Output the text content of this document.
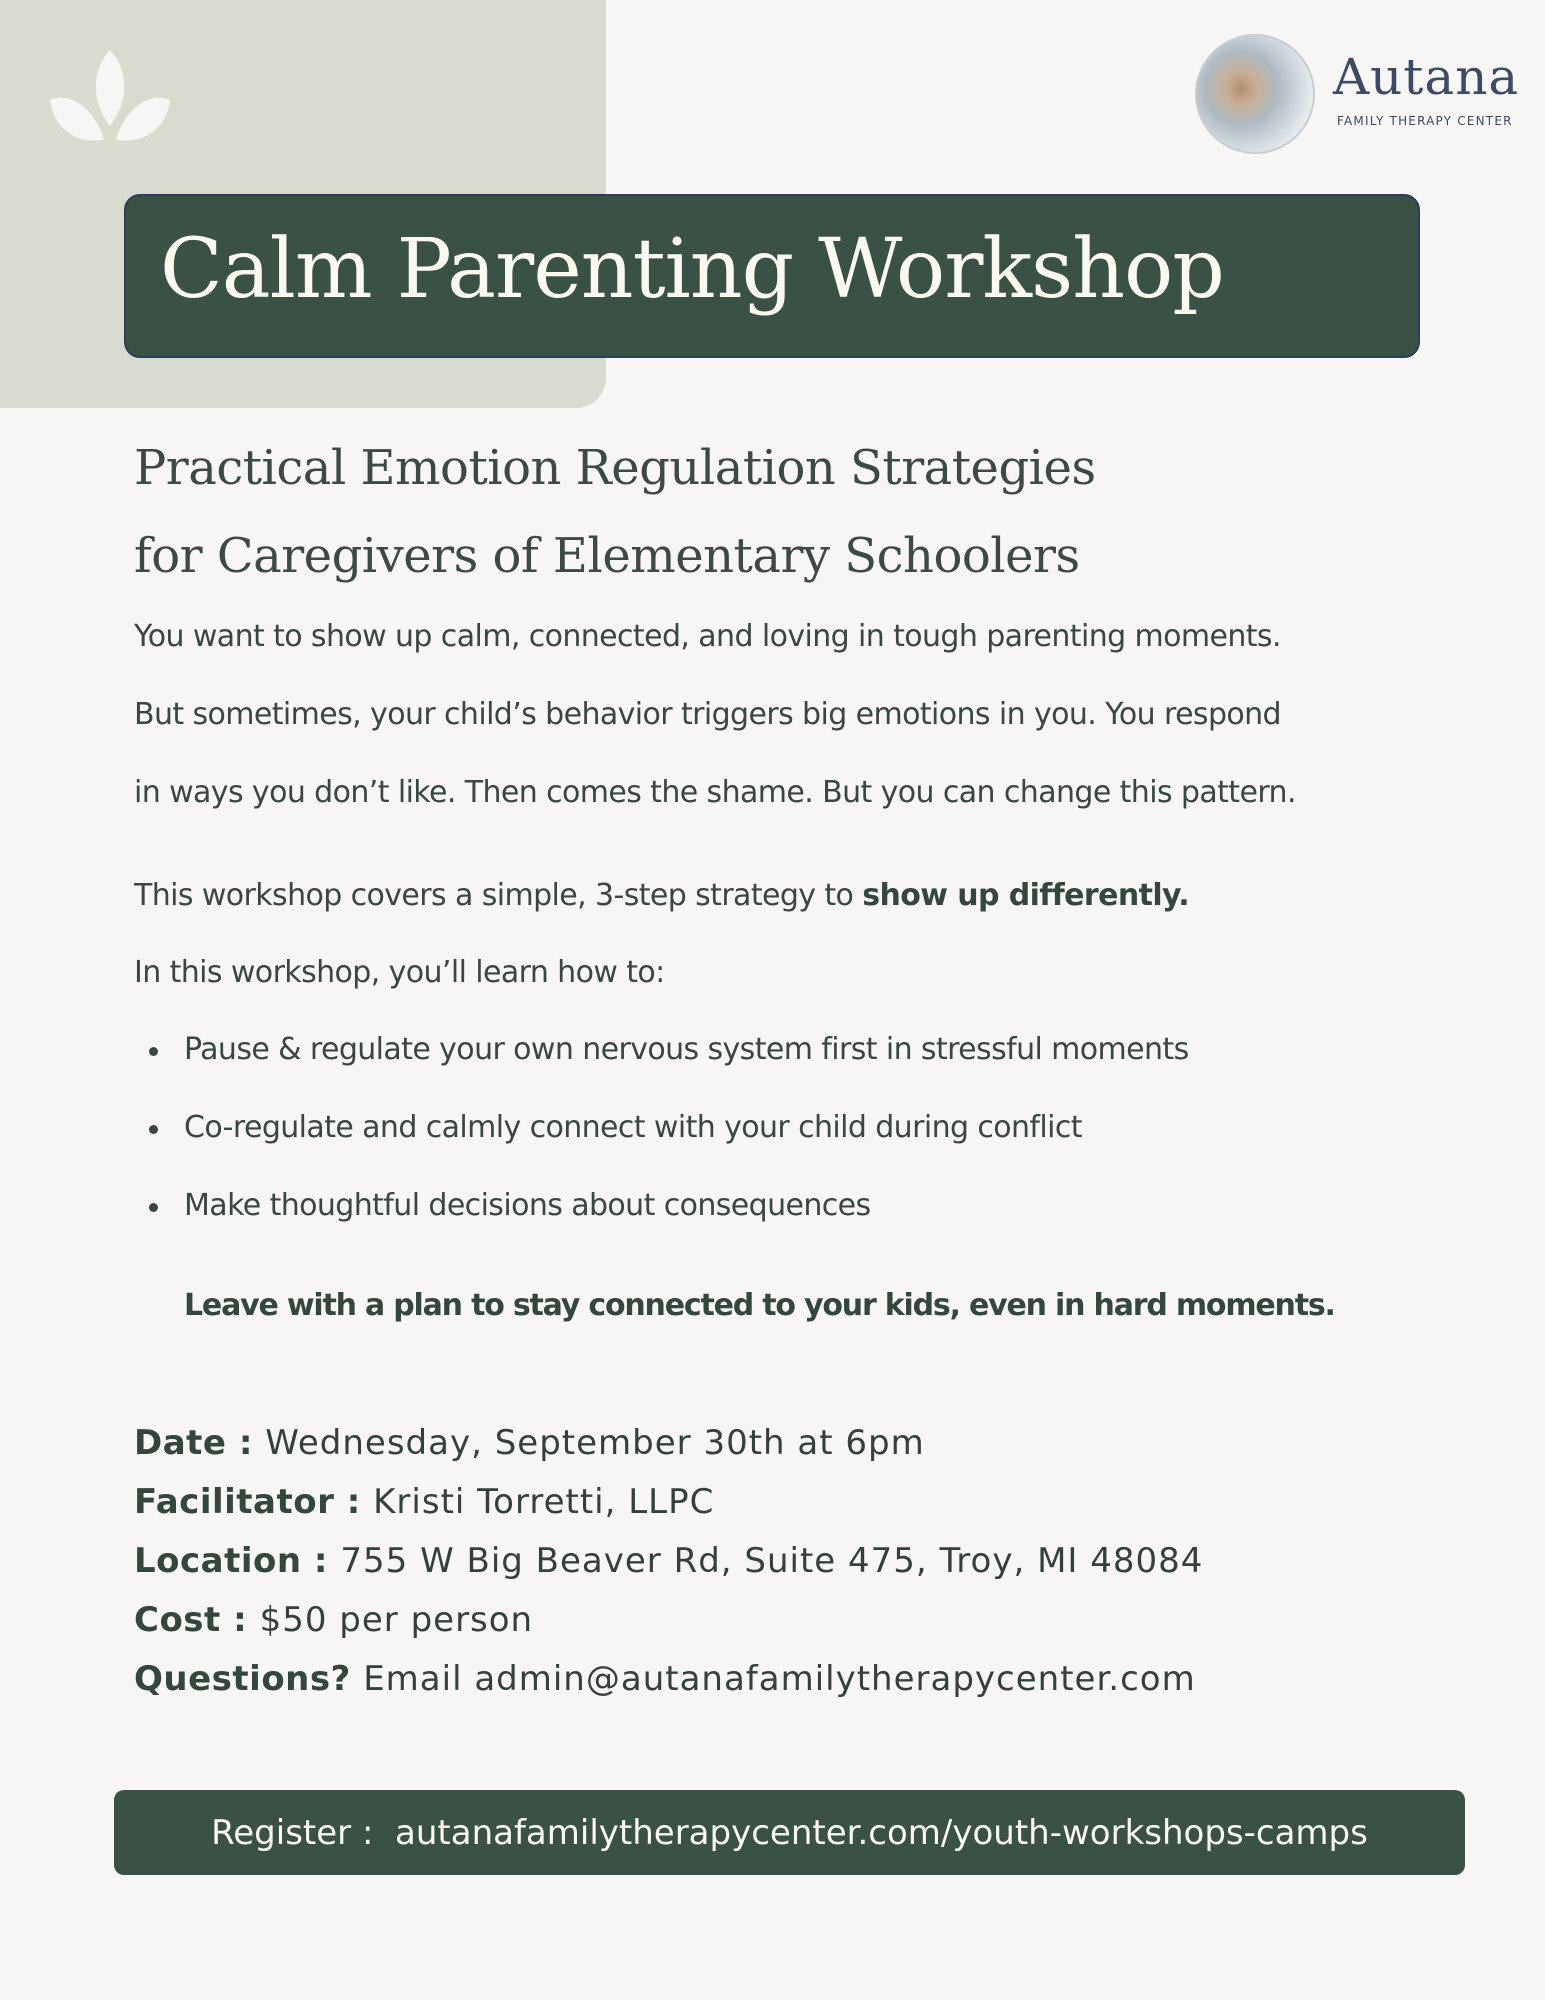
Autana
FAMILY THERAPY CENTER
Calm Parenting Workshop
Practical Emotion Regulation Strategies
for Caregivers of Elementary Schoolers

You want to show up calm, connected, and loving in tough parenting moments.
But sometimes, your child’s behavior triggers big emotions in you. You respond
in ways you don’t like. Then comes the shame. But you can change this pattern.

This workshop covers a simple, 3-step strategy to show up differently.

In this workshop, you’ll learn how to:

Pause & regulate your own nervous system first in stressful moments
Co-regulate and calmly connect with your child during conflict
Make thoughtful decisions about consequences

Leave with a plan to stay connected to your kids, even in hard moments.

Date : Wednesday, September 30th at 6pm
Facilitator : Kristi Torretti, LLPC
Location : 755 W Big Beaver Rd, Suite 475, Troy, MI 48084
Cost : $50 per person
Questions? Email admin@autanafamilytherapycenter.com
Register :
autanafamilytherapycenter.com/youth-workshops-camps
